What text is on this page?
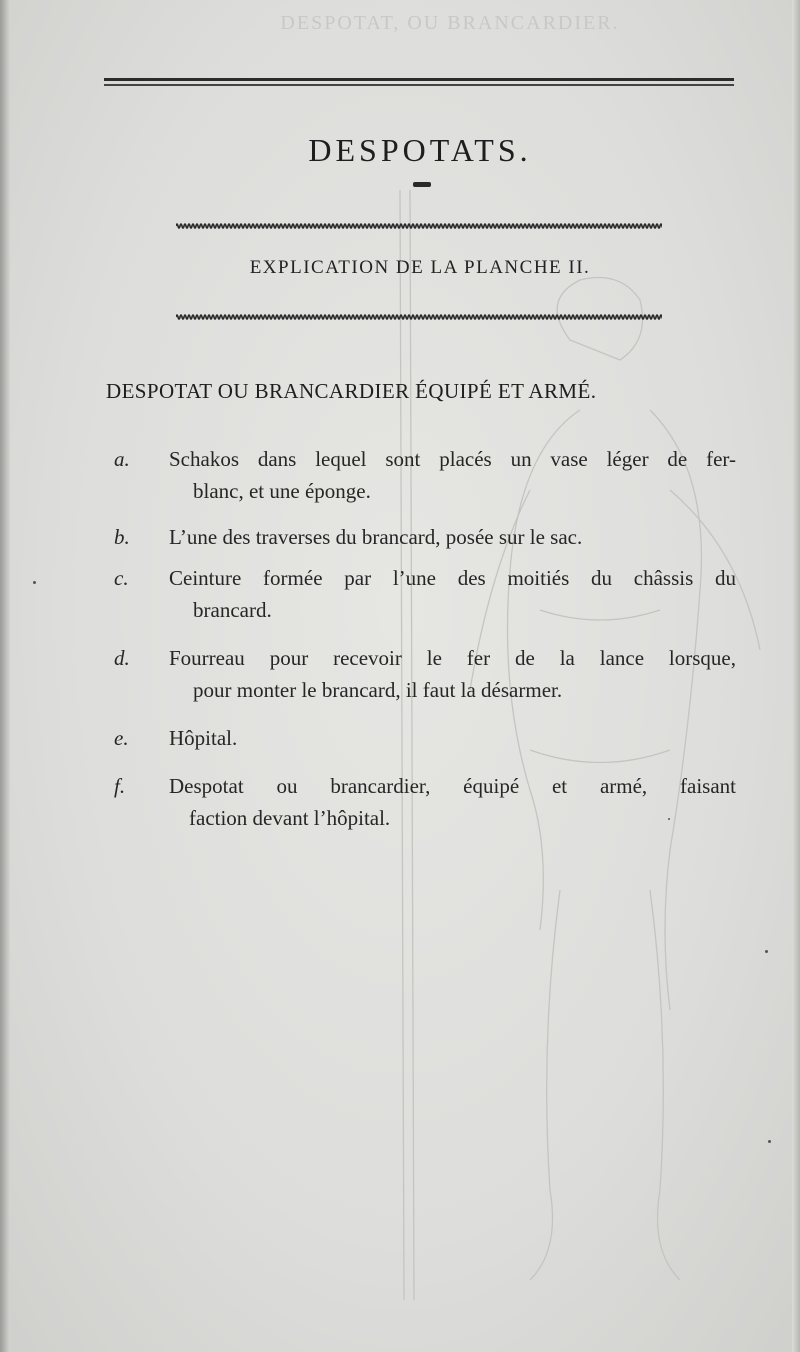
DESPOTAT, OU BRANCARDIER.
DESPOTATS.
EXPLICATION DE LA PLANCHE II.
DESPOTAT OU BRANCARDIER ÉQUIPÉ ET ARMÉ.
a.	Schakos dans lequel sont placés un vase léger de fer-
blanc, et une éponge.
b.	L’une des traverses du brancard, posée sur le sac.
c.	Ceinture formée par l’une des moitiés du châssis du
brancard.
d.	Fourreau pour recevoir le fer de la lance lorsque,
pour monter le brancard, il faut la désarmer.
e.	Hôpital.
f.	Despotat ou brancardier, équipé et armé, faisant
faction devant l’hôpital.
